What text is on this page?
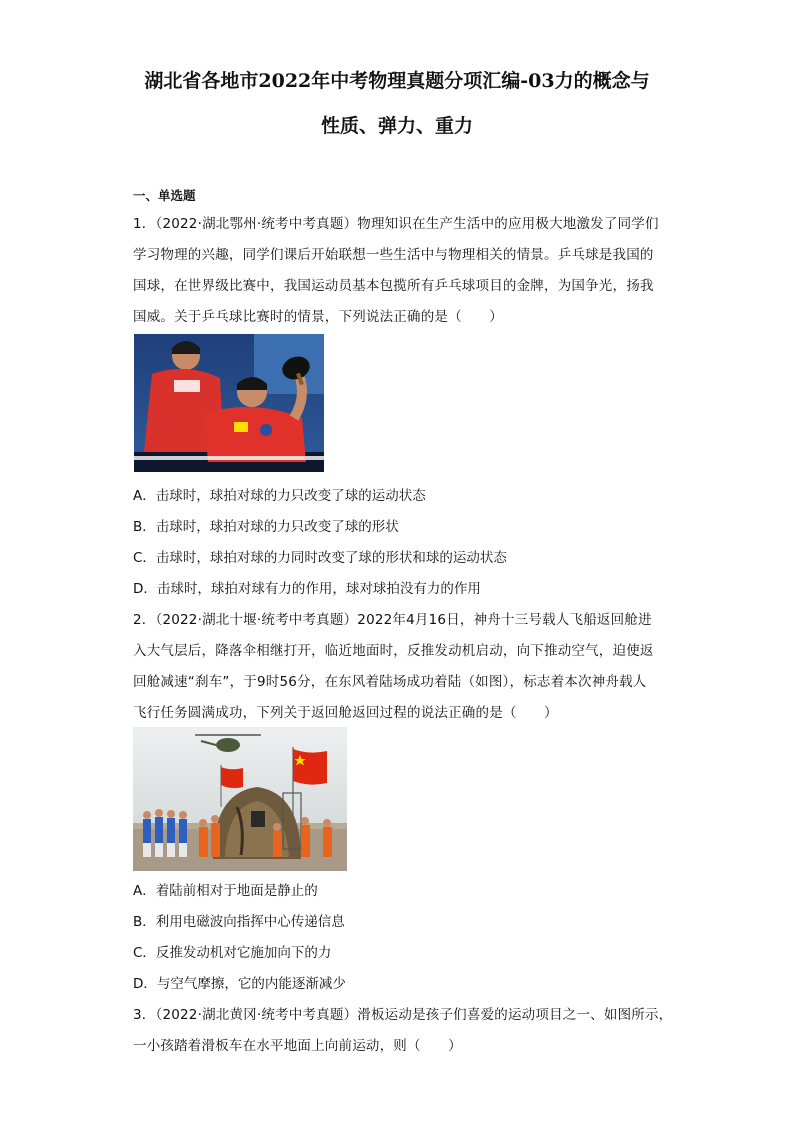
湖北省各地市2022年中考物理真题分项汇编-03力的概念与
性质、弹力、重力
一、单选题
1．（2022·湖北鄂州·统考中考真题）物理知识在生产生活中的应用极大地激发了同学们
学习物理的兴趣，同学们课后开始联想一些生活中与物理相关的情景。乒乓球是我国的
国球，在世界级比赛中，我国运动员基本包揽所有乒乓球项目的金牌，为国争光，扬我
国威。关于乒乓球比赛时的情景，下列说法正确的是（　　）
A．击球时，球拍对球的力只改变了球的运动状态
B．击球时，球拍对球的力只改变了球的形状
C．击球时，球拍对球的力同时改变了球的形状和球的运动状态
D．击球时，球拍对球有力的作用，球对球拍没有力的作用
2．（2022·湖北十堰·统考中考真题）2022年4月16日，神舟十三号载人飞船返回舱进
入大气层后，降落伞相继打开，临近地面时，反推发动机启动，向下推动空气，迫使返
回舱减速“刹车”，于9时56分，在东风着陆场成功着陆（如图），标志着本次神舟载人
飞行任务圆满成功，下列关于返回舱返回过程的说法正确的是（　　）
A．着陆前相对于地面是静止的
B．利用电磁波向指挥中心传递信息
C．反推发动机对它施加向下的力
D．与空气摩擦，它的内能逐渐减少
3．（2022·湖北黄冈·统考中考真题）滑板运动是孩子们喜爱的运动项目之一、如图所示，
一小孩踏着滑板车在水平地面上向前运动，则（　　）
